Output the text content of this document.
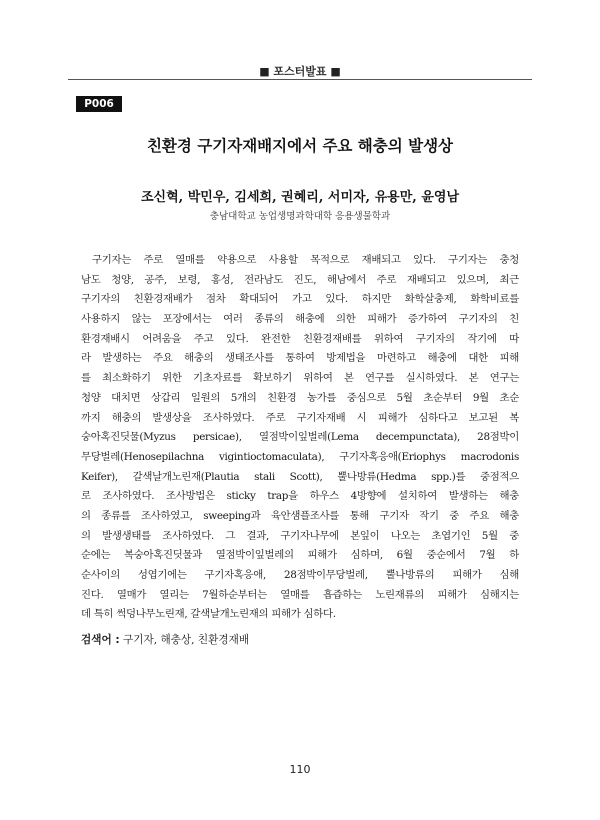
■ 포스터발표 ■
P006
친환경 구기자재배지에서 주요 해충의 발생상
조신혁, 박민우, 김세희, 권혜리, 서미자, 유용만, 윤영남
충남대학교 농업생명과학대학 응용생물학과
구기자는 주로 열매를 약용으로 사용할 목적으로 재배되고 있다. 구기자는 충청
남도 청양, 공주, 보령, 홍성, 전라남도 진도, 해남에서 주로 재배되고 있으며, 최근
구기자의 친환경재배가 점차 확대되어 가고 있다. 하지만 화학살충제, 화학비료를
사용하지 않는 포장에서는 여러 종류의 해충에 의한 피해가 증가하여 구기자의 친
환경재배시 어려움을 주고 있다. 완전한 친환경재배를 위하여 구기자의 작기에 따
라 발생하는 주요 해충의 생태조사를 통하여 방제법을 마련하고 해충에 대한 피해
를 최소화하기 위한 기초자료를 확보하기 위하여 본 연구를 실시하였다. 본 연구는
청양 대치면 상갑리 일원의 5개의 친환경 농가를 중심으로 5월 초순부터 9월 초순
까지 해충의 발생상을 조사하였다. 주로 구기자재배 시 피해가 심하다고 보고된 복
숭아혹진딧물(Myzus persicae), 열점박이잎벌레(Lema decempunctata), 28점박이
무당벌레(Henosepilachna vigintioctomaculata), 구기자혹응애(Eriophys macrodonis
Keifer), 갈색날개노린재(Plautia stali Scott), 뿔나방류(Hedma spp.)를 중점적으
로 조사하였다. 조사방법은 sticky trap을 하우스 4방향에 설치하여 발생하는 해충
의 종류를 조사하였고, sweeping과 육안샘플조사를 통해 구기자 작기 중 주요 해충
의 발생생태를 조사하였다. 그 결과, 구기자나무에 본잎이 나오는 초엽기인 5월 중
순에는 복숭아혹진딧물과 열점박이잎벌레의 피해가 심하며, 6월 중순에서 7월 하
순사이의 성엽기에는 구기자혹응애, 28점박이무당벌레, 뿔나방류의 피해가 심해
진다. 열매가 열리는 7월하순부터는 열매를 흡즙하는 노린재류의 피해가 심해지는
데 특히 썩덩나무노린재, 갈색날개노린재의 피해가 심하다.
검색어 : 구기자, 해충상, 친환경재배
110
